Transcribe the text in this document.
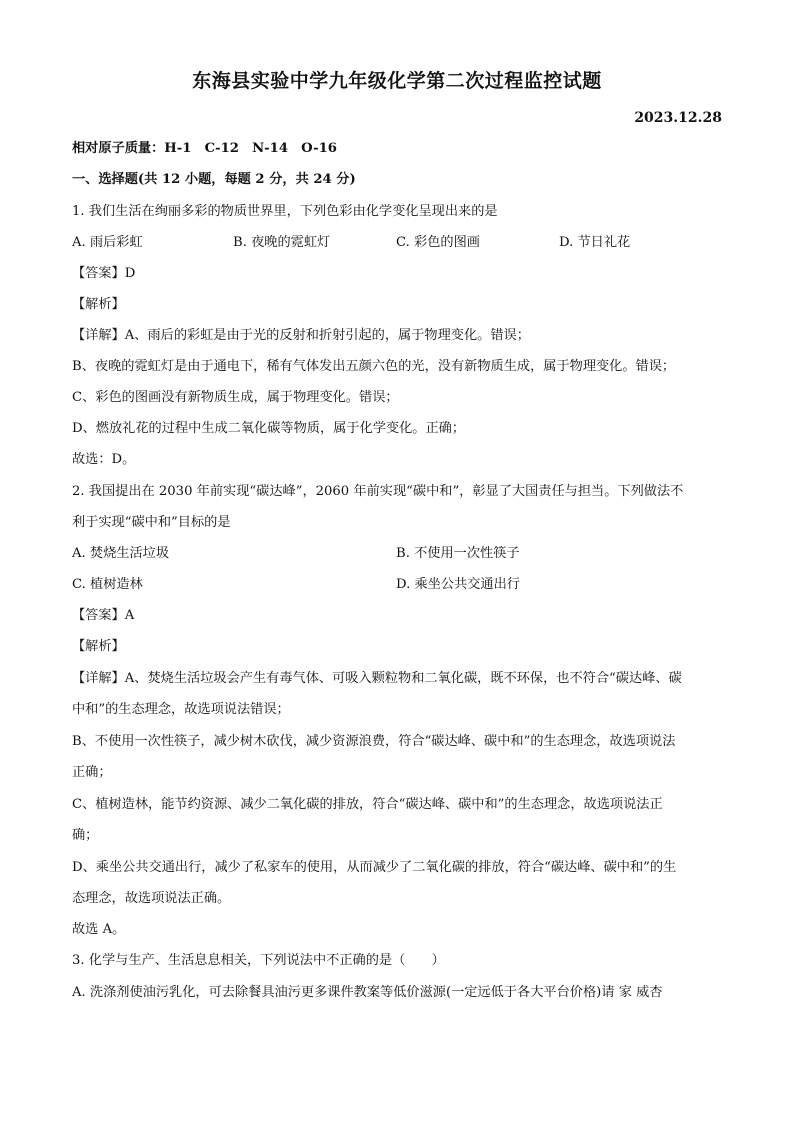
东海县实验中学九年级化学第二次过程监控试题
2023.12.28
相对原子质量：H-1　C-12　N-14　O-16
一、选择题(共 12 小题，每题 2 分，共 24 分)
1. 我们生活在绚丽多彩的物质世界里，下列色彩由化学变化呈现出来的是
A. 雨后彩虹	B. 夜晚的霓虹灯	C. 彩色的图画	D. 节日礼花
【答案】D
【解析】
【详解】A、雨后的彩虹是由于光的反射和折射引起的，属于物理变化。错误；
B、夜晚的霓虹灯是由于通电下，稀有气体发出五颜六色的光，没有新物质生成，属于物理变化。错误；
C、彩色的图画没有新物质生成，属于物理变化。错误；
D、燃放礼花的过程中生成二氧化碳等物质，属于化学变化。正确；
故选：D。
2. 我国提出在 2030 年前实现“碳达峰”，2060 年前实现“碳中和”，彰显了大国责任与担当。下列做法不
利于实现“碳中和”目标的是
A. 焚烧生活垃圾	B. 不使用一次性筷子
C. 植树造林	D. 乘坐公共交通出行
【答案】A
【解析】
【详解】A、焚烧生活垃圾会产生有毒气体、可吸入颗粒物和二氧化碳，既不环保，也不符合“碳达峰、碳
中和”的生态理念，故选项说法错误；
B、不使用一次性筷子，减少树木砍伐，减少资源浪费，符合“碳达峰、碳中和”的生态理念，故选项说法
正确；
C、植树造林，能节约资源、减少二氧化碳的排放，符合“碳达峰、碳中和”的生态理念，故选项说法正
确；
D、乘坐公共交通出行，减少了私家车的使用，从而减少了二氧化碳的排放，符合“碳达峰、碳中和”的生
态理念，故选项说法正确。
故选 A。
3. 化学与生产、生活息息相关，下列说法中不正确的是（　　）
A. 洗涤剂使油污乳化，可去除餐具油污更多课件教案等低价滋源(一定远低于各大平台价格)请 家 威杏
